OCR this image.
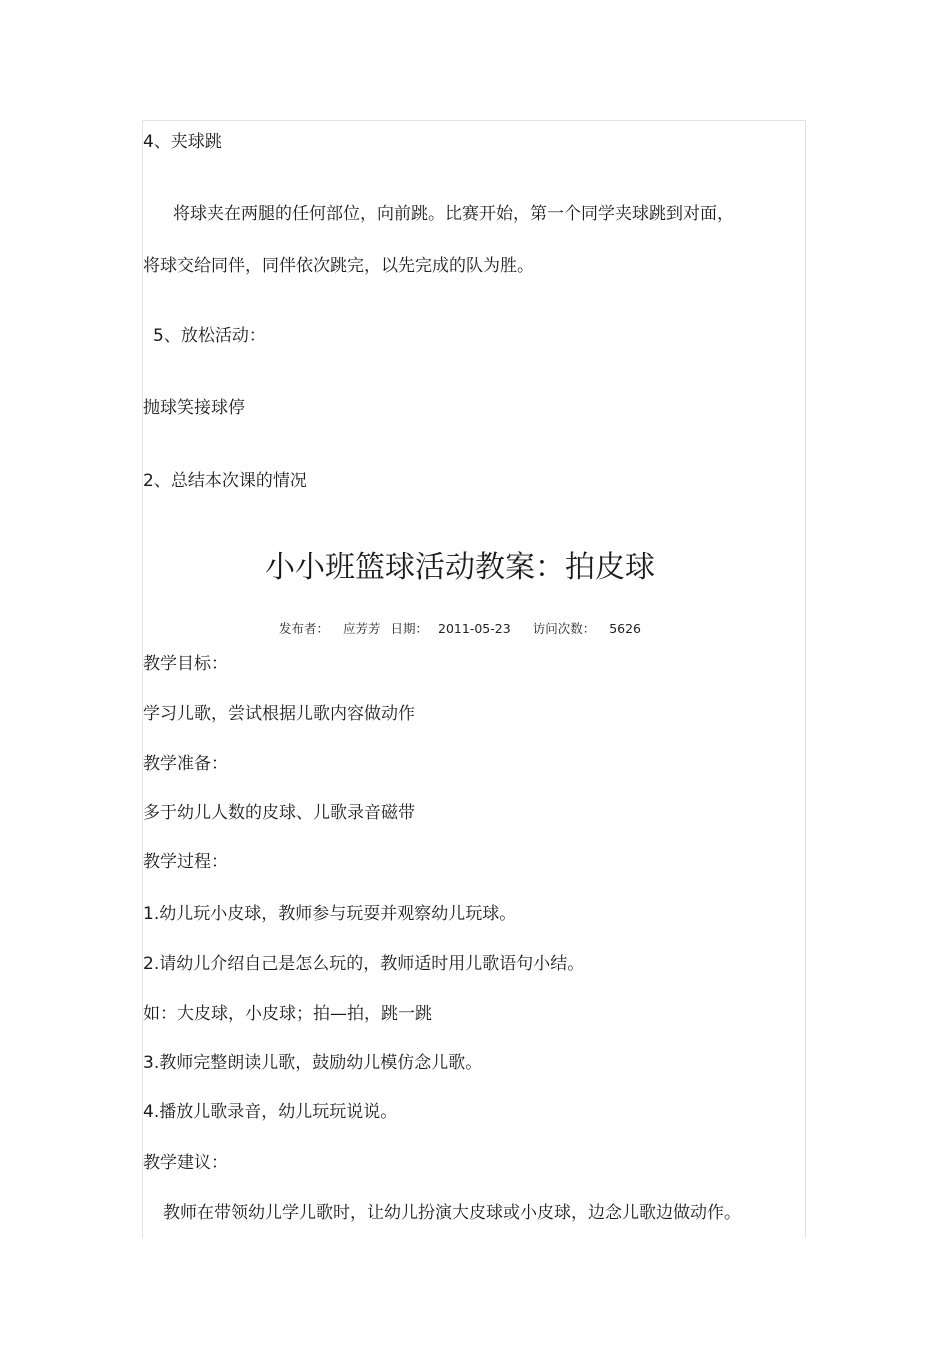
4、夹球跳
将球夹在两腿的任何部位，向前跳。比赛开始，第一个同学夹球跳到对面，
将球交给同伴，同伴依次跳完，以先完成的队为胜。
5、放松活动：
抛球笑接球停
2、总结本次课的情况
小小班篮球活动教案：拍皮球
发布者： 应芳芳 日期： 2011-05-23 访问次数： 5626
教学目标：
学习儿歌，尝试根据儿歌内容做动作
教学准备：
多于幼儿人数的皮球、儿歌录音磁带
教学过程：
1.幼儿玩小皮球，教师参与玩耍并观察幼儿玩球。
2.请幼儿介绍自己是怎么玩的，教师适时用儿歌语句小结。
如：大皮球，小皮球；拍—拍，跳一跳
3.教师完整朗读儿歌，鼓励幼儿模仿念儿歌。
4.播放儿歌录音，幼儿玩玩说说。
教学建议：
教师在带领幼儿学儿歌时，让幼儿扮演大皮球或小皮球，边念儿歌边做动作。
